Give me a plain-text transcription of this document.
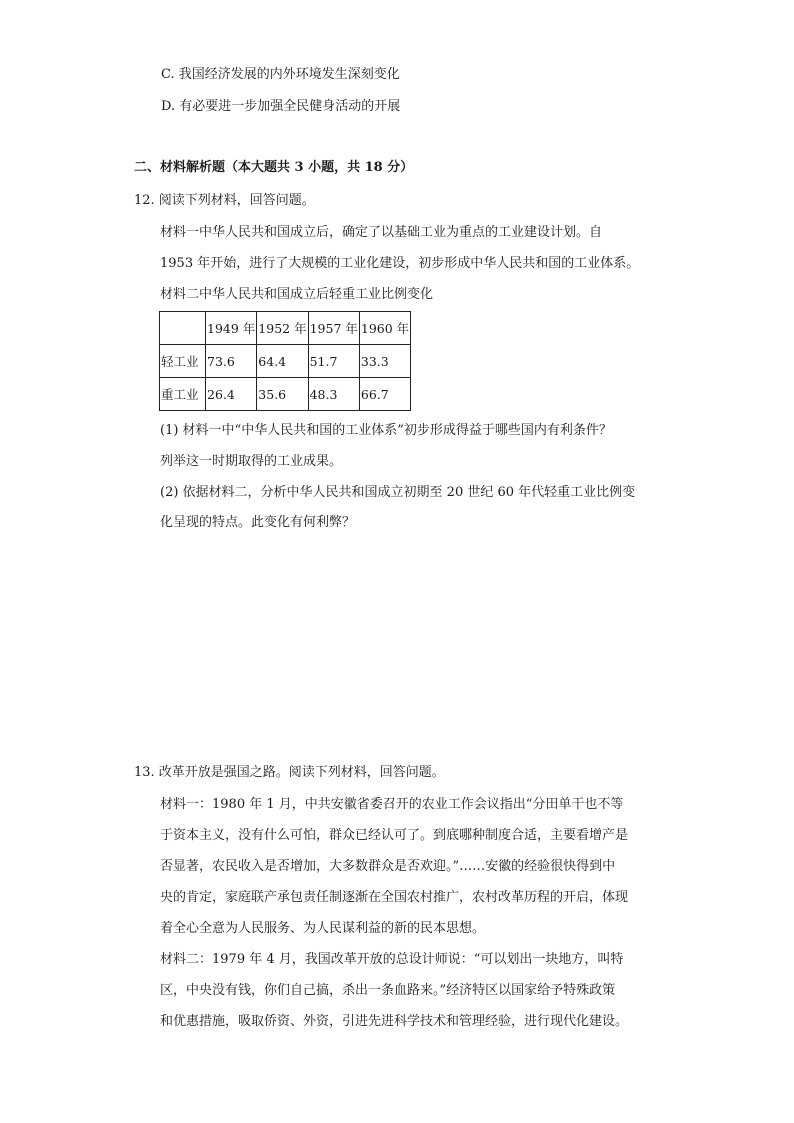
C. 我国经济发展的内外环境发生深刻变化
D. 有必要进一步加强全民健身活动的开展
二、材料解析题（本大题共 3 小题，共 18 分）
12. 阅读下列材料，回答问题。
材料一中华人民共和国成立后，确定了以基础工业为重点的工业建设计划。自
1953 年开始，进行了大规模的工业化建设，初步形成中华人民共和国的工业体系。
材料二中华人民共和国成立后轻重工业比例变化
	1949 年	1952 年	1957 年	1960 年
轻工业	73.6	64.4	51.7	33.3
重工业	26.4	35.6	48.3	66.7
(1) 材料一中“中华人民共和国的工业体系”初步形成得益于哪些国内有利条件？
列举这一时期取得的工业成果。
(2) 依据材料二，分析中华人民共和国成立初期至 20 世纪 60 年代轻重工业比例变
化呈现的特点。此变化有何利弊？
13. 改革开放是强国之路。阅读下列材料，回答问题。
材料一：1980 年 1 月，中共安徽省委召开的农业工作会议指出“分田单干也不等
于资本主义，没有什么可怕，群众已经认可了。到底哪种制度合适，主要看增产是
否显著，农民收入是否增加，大多数群众是否欢迎。”……安徽的经验很快得到中
央的肯定，家庭联产承包责任制逐渐在全国农村推广，农村改革历程的开启，体现
着全心全意为人民服务、为人民谋利益的新的民本思想。
材料二：1979 年 4 月，我国改革开放的总设计师说：“可以划出一块地方，叫特
区，中央没有钱，你们自己搞，杀出一条血路来。”经济特区以国家给予特殊政策
和优惠措施，吸取侨资、外资，引进先进科学技术和管理经验，进行现代化建设。
